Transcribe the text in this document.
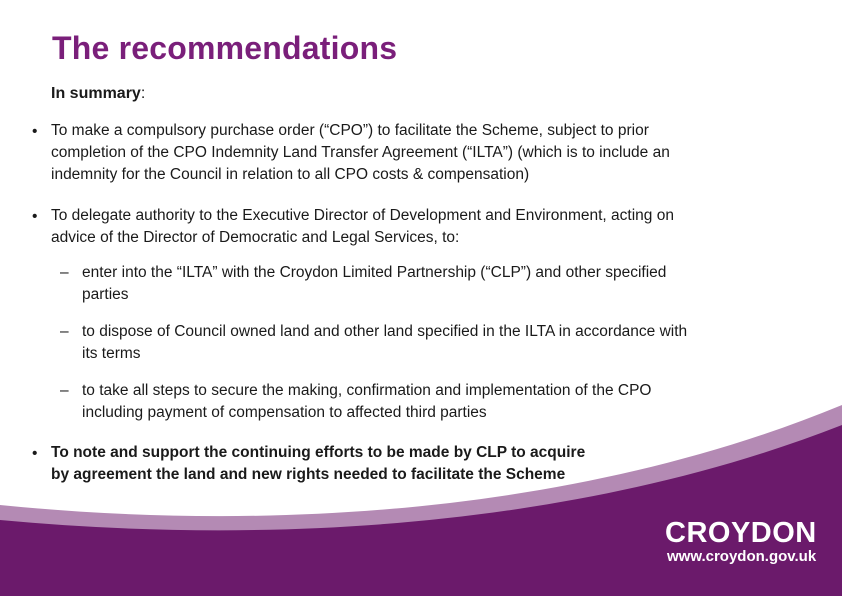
The recommendations
In summary:
• To make a compulsory purchase order (“CPO”) to facilitate the Scheme, subject to prior
completion of the CPO Indemnity Land Transfer Agreement (“ILTA”) (which is to include an
indemnity for the Council in relation to all CPO costs & compensation)
• To delegate authority to the Executive Director of Development and Environment, acting on
advice of the Director of Democratic and Legal Services, to:
– enter into the “ILTA” with the Croydon Limited Partnership (“CLP”) and other specified
parties
– to dispose of Council owned land and other land specified in the ILTA in accordance with
its terms
– to take all steps to secure the making, confirmation and implementation of the CPO
including payment of compensation to affected third parties
• To note and support the continuing efforts to be made by CLP to acquire
by agreement the land and new rights needed to facilitate the Scheme
CROYDON
www.croydon.gov.uk
